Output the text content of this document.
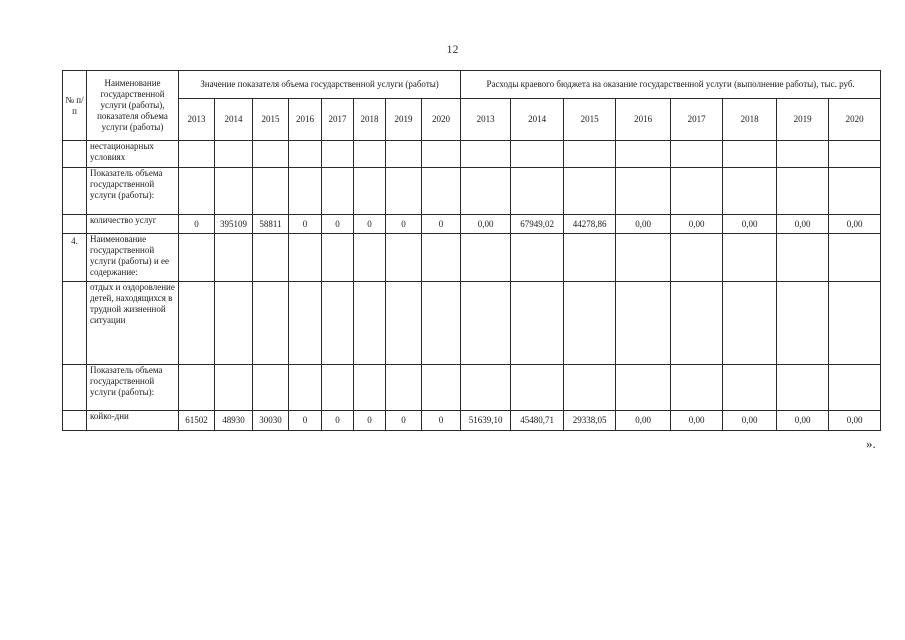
12
№ п/ п	Наименование государственной услуги (работы), показателя объема услуги (работы)	Значение показателя объема государственной услуги (работы)								Расходы краевого бюджета на оказание государственной услуги (выполнение работы), тыс. руб.							
		2013	2014	2015	2016	2017	2018	2019	2020	2013	2014	2015	2016	2017	2018	2019	2020
	нестационарных условиях																
	Показатель объема государственной услуги (работы):																
	количество услуг	0	395109	58811	0	0	0	0	0	0,00	67949,02	44278,86	0,00	0,00	0,00	0,00	0,00
4.	Наименование государственной услуги (работы) и ее содержание:																
	отдых и оздоровление детей, находящихся в трудной жизненной ситуации																
	Показатель объема государственной услуги (работы):																
	койко-дни	61502	48930	30030	0	0	0	0	0	51639,10	45480,71	29338,05	0,00	0,00	0,00	0,00	0,00
».
